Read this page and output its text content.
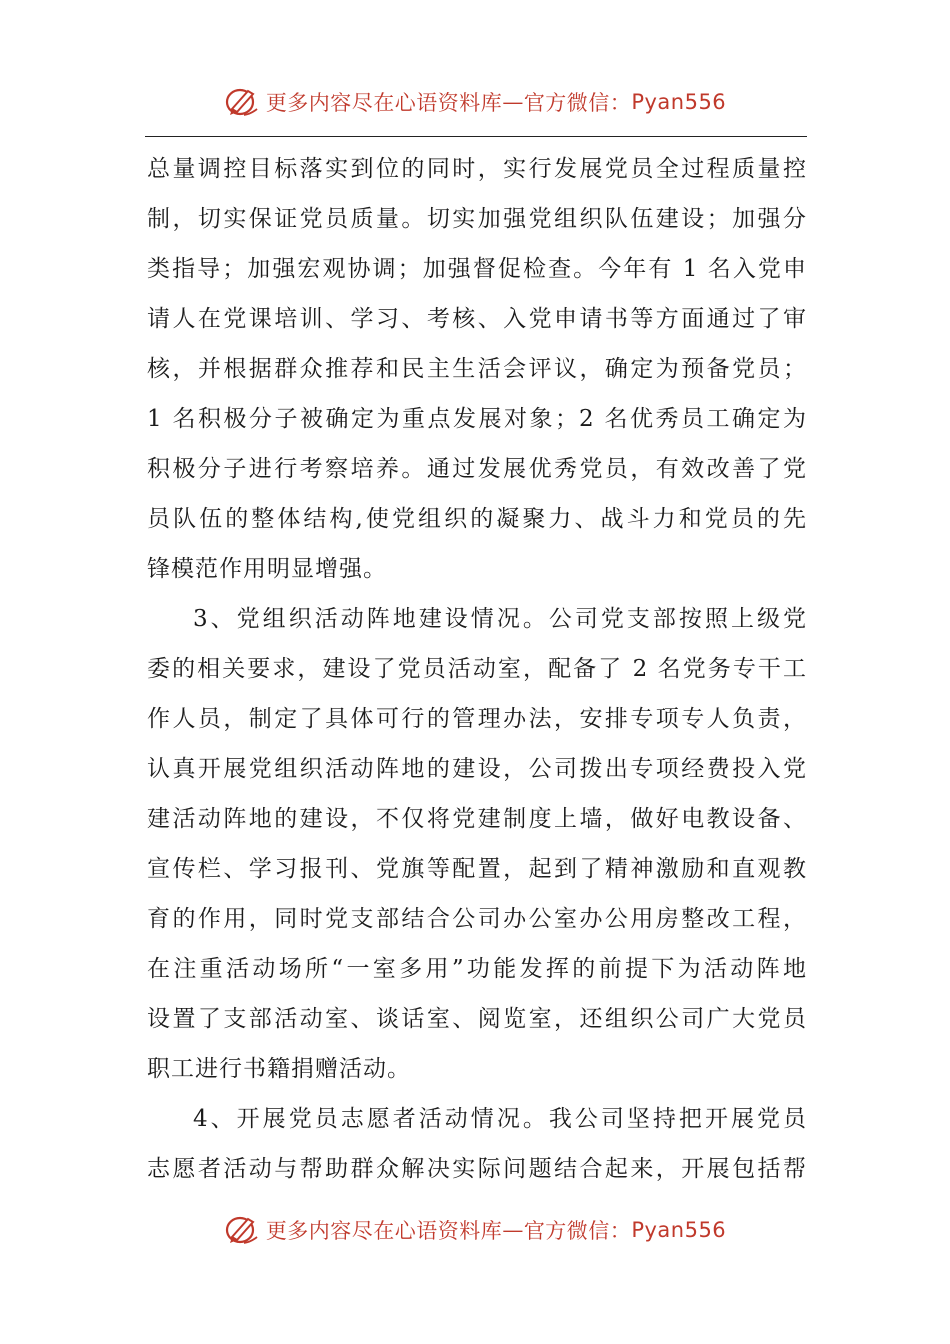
更多内容尽在心语资料库 — 官方微信： Pyan556
总量调控目标落实到位的同时，实行发展党员全过程质量控
制，切实保证党员质量。切实加强党组织队伍建设；加强分
类指导；加强宏观协调；加强督促检查。今年有 1 名入党申
请人在党课培训、学习、考核、入党申请书等方面通过了审
核，并根据群众推荐和民主生活会评议，确定为预备党员；
1 名积极分子被确定为重点发展对象；2 名优秀员工确定为
积极分子进行考察培养。通过发展优秀党员，有效改善了党
员队伍的整体结构,使党组织的凝聚力、战斗力和党员的先
锋模范作用明显增强。
3、党组织活动阵地建设情况。公司党支部按照上级党
委的相关要求，建设了党员活动室，配备了 2 名党务专干工
作人员，制定了具体可行的管理办法，安排专项专人负责，
认真开展党组织活动阵地的建设，公司拨出专项经费投入党
建活动阵地的建设，不仅将党建制度上墙，做好电教设备、
宣传栏、学习报刊、党旗等配置，起到了精神激励和直观教
育的作用，同时党支部结合公司办公室办公用房整改工程，
在注重活动场所“一室多用”功能发挥的前提下为活动阵地
设置了支部活动室、谈话室、阅览室，还组织公司广大党员
职工进行书籍捐赠活动。
4、开展党员志愿者活动情况。我公司坚持把开展党员
志愿者活动与帮助群众解决实际问题结合起来，开展包括帮
更多内容尽在心语资料库 — 官方微信： Pyan556
